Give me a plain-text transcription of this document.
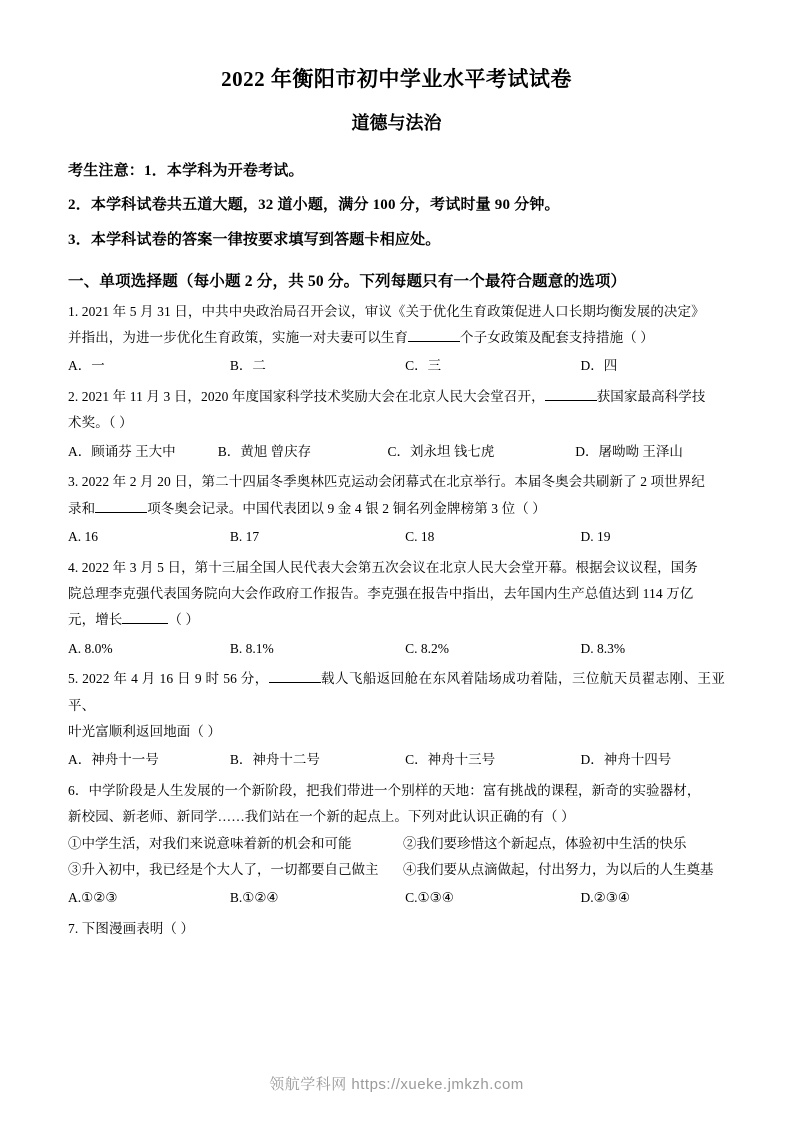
2022 年衡阳市初中学业水平考试试卷
道德与法治
考生注意：1．本学科为开卷考试。
2．本学科试卷共五道大题，32 道小题，满分 100 分，考试时量 90 分钟。
3．本学科试卷的答案一律按要求填写到答题卡相应处。
一、单项选择题（每小题 2 分，共 50 分。下列每题只有一个最符合题意的选项）
1. 2021 年 5 月 31 日，中共中央政治局召开会议，审议《关于优化生育政策促进人口长期均衡发展的决定》
并指出，为进一步优化生育政策，实施一对夫妻可以生育	个子女政策及配套支持措施（ ）
A．一	B．二	C．三	D．四
2. 2021 年 11 月 3 日，2020 年度国家科学技术奖励大会在北京人民大会堂召开，	获国家最高科学技
术奖。（ ）
A．顾诵芬 王大中	B．黄旭 曾庆存	C．刘永坦 钱七虎	D．屠呦呦 王泽山
3. 2022 年 2 月 20 日，第二十四届冬季奥林匹克运动会闭幕式在北京举行。本届冬奥会共刷新了 2 项世界纪
录和	项冬奥会记录。中国代表团以 9 金 4 银 2 铜名列金牌榜第 3 位（ ）
A. 16	B. 17	C. 18	D. 19
4. 2022 年 3 月 5 日，第十三届全国人民代表大会第五次会议在北京人民大会堂开幕。根据会议议程，国务
院总理李克强代表国务院向大会作政府工作报告。李克强在报告中指出，去年国内生产总值达到 114 万亿
元，增长	（ ）
A. 8.0%	B. 8.1%	C. 8.2%	D. 8.3%
5. 2022 年 4 月 16 日 9 时 56 分，	载人飞船返回舱在东风着陆场成功着陆，三位航天员翟志刚、王亚平、
叶光富顺利返回地面（ ）
A．神舟十一号	B．神舟十二号	C．神舟十三号	D．神舟十四号
6．中学阶段是人生发展的一个新阶段，把我们带进一个别样的天地：富有挑战的课程，新奇的实验器材，
新校园、新老师、新同学……我们站在一个新的起点上。下列对此认识正确的有（ ）
①中学生活，对我们来说意味着新的机会和可能	②我们要珍惜这个新起点，体验初中生活的快乐
③升入初中，我已经是个大人了，一切都要自己做主	④我们要从点滴做起，付出努力，为以后的人生奠基
A.①②③	B.①②④	C.①③④	D.②③④
7. 下图漫画表明（ ）
领航学科网 https://xueke.jmkzh.com
